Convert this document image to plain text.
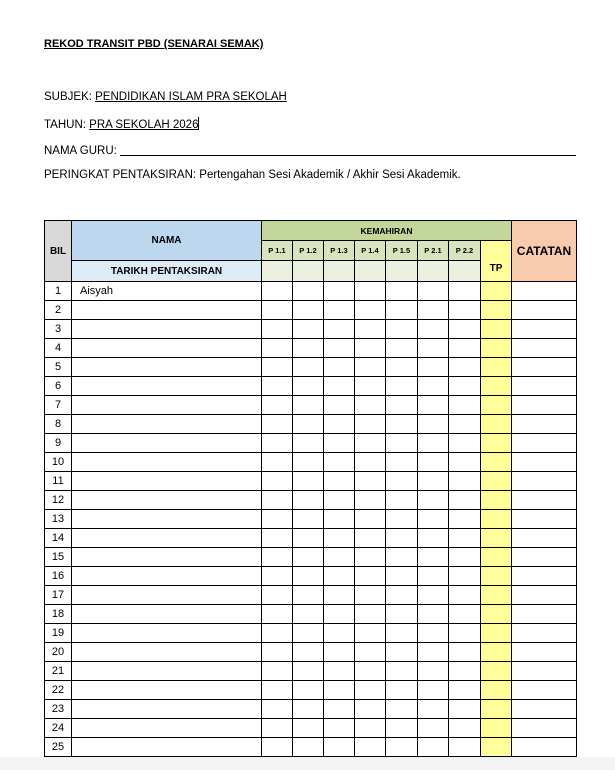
REKOD TRANSIT PBD (SENARAI SEMAK)
SUBJEK: PENDIDIKAN ISLAM PRA SEKOLAH
TAHUN: PRA SEKOLAH 2026
NAMA GURU:
PERINGKAT PENTAKSIRAN: Pertengahan Sesi Akademik / Akhir Sesi Akademik.
BIL	NAMA	KEMAHIRAN								CATATAN
		P 1.1	P 1.2	P 1.3	P 1.4	P 1.5	P 2.1	P 2.2	TP	
	TARIKH PENTAKSIRAN									
1	Aisyah									
2										
3										
4										
5										
6										
7										
8										
9										
10										
11										
12										
13										
14										
15										
16										
17										
18										
19										
20										
21										
22										
23										
24										
25										
